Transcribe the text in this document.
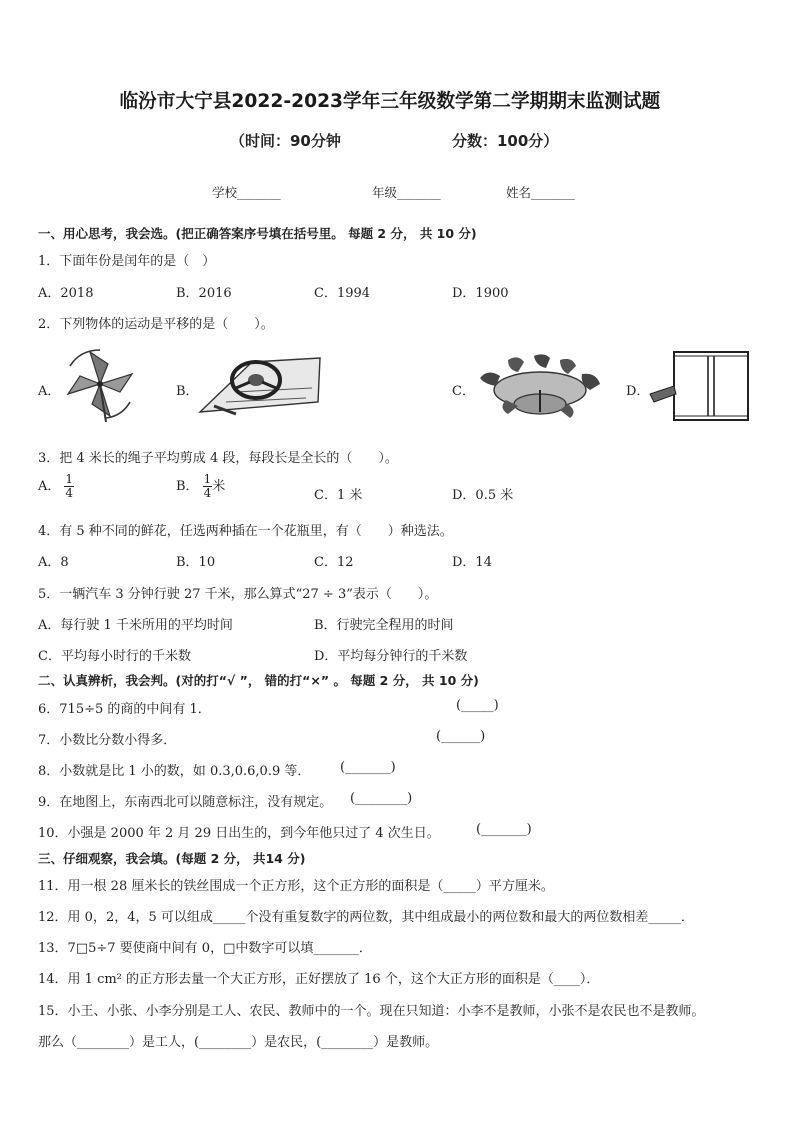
临汾市大宁县2022-2023学年三年级数学第二学期期末监测试题
（时间：90分钟	分数：100分）
学校_______	年级_______	姓名_______
一、用心思考，我会选。(把正确答案序号填在括号里。 每题 2 分， 共 10 分)
1．下面年份是闰年的是（　）
A．2018	B．2016	C．1994	D．1900
2．下列物体的运动是平移的是（　　）。
A．	B．	C．	D．
3．把 4 米长的绳子平均剪成 4 段，每段长是全长的（　　）。
A． $\frac{1}{4}$	B． $\frac{1}{4}$ 米
C．1 米	D．0.5 米
4．有 5 种不同的鲜花，任选两种插在一个花瓶里，有（　　）种选法。
A．8	B．10	C．12	D．14
5．一辆汽车 3 分钟行驶 27 千米，那么算式“27 ÷ 3”表示（　　）。
A．每行驶 1 千米所用的平均时间	B．行驶完全程用的时间
C．平均每小时行的千米数	D．平均每分钟行的千米数
二、认真辨析，我会判。(对的打“√ ”， 错的打“×” 。 每题 2 分， 共 10 分)
6．715÷5 的商的中间有 1．	(_____)
7．小数比分数小得多．	(______)
8．小数就是比 1 小的数，如 0.3,0.6,0.9 等． (_______)
9．在地图上，东南西北可以随意标注，没有规定。 (________)
10．小强是 2000 年 2 月 29 日出生的，到今年他只过了 4 次生日。	(_______)
三、仔细观察，我会填。(每题 2 分， 共14 分)
11．用一根 28 厘米长的铁丝围成一个正方形，这个正方形的面积是（_____）平方厘米。
12．用 0，2，4，5 可以组成_____个没有重复数字的两位数，其中组成最小的两位数和最大的两位数相差_____．
13．7□5÷7 要使商中间有 0，□中数字可以填_______．
14．用 1 cm² 的正方形去量一个大正方形，正好摆放了 16 个，这个大正方形的面积是（____）．
15．小王、小张、小李分别是工人、农民、教师中的一个。现在只知道：小李不是教师，小张不是农民也不是教师。
那么（________）是工人，(________）是农民，(________）是教师。
